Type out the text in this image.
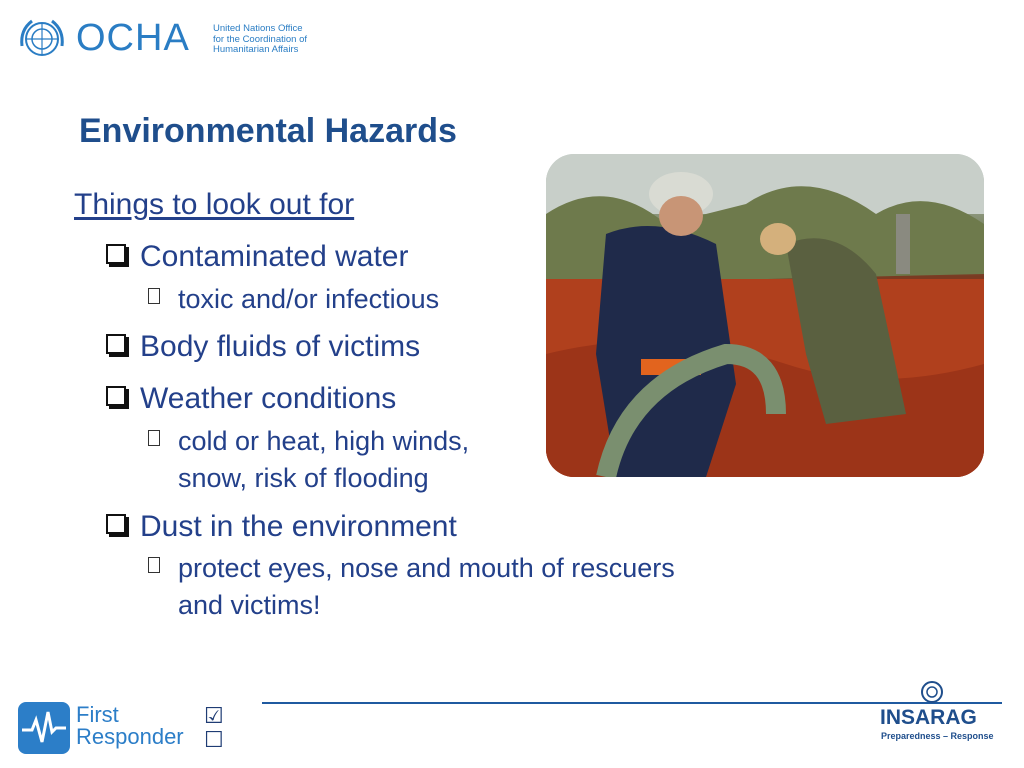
OCHA United Nations Office
for the Coordination of
Humanitarian Affairs
Environmental Hazards
Things to look out for
Contaminated water
toxic and/or infectious
Body fluids of victims
Weather conditions
cold or heat, high winds,
snow, risk of flooding
Dust in the environment
protect eyes, nose and mouth of rescuers
and victims!
First
Responder
☑
☐
INSARAG
Preparedness – Response
